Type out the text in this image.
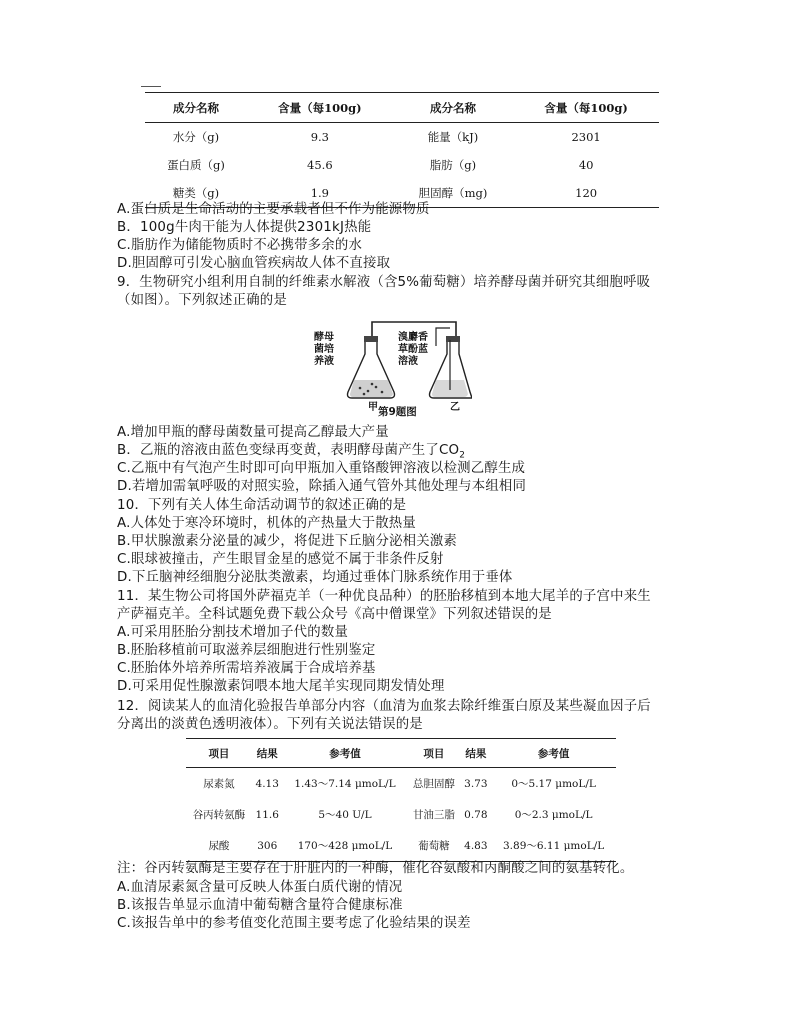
成分名称	含量（每100g)	成分名称	含量（每100g)
水分（g)	9.3	能量（kJ)	2301
蛋白质（g)	45.6	脂肪（g)	40
糖类（g)	1.9	胆固醇（mg)	120
A.蛋白质是生命活动的主要承载者但不作为能源物质
B．100g牛肉干能为人体提供2301kJ热能
C.脂肪作为储能物质时不必携带多余的水
D.胆固醇可引发心脑血管疾病故人体不直接取
9．生物研究小组利用自制的纤维素水解液（含5%葡萄糖）培养酵母菌并研究其细胞呼吸
（如图）。下列叙述正确的是
酵母菌培养液
溴麝香草酚蓝溶液
甲	乙
第9题图
A.增加甲瓶的酵母菌数量可提高乙醇最大产量
B．乙瓶的溶液由蓝色变绿再变黄，表明酵母菌产生了$CO_2$
C.乙瓶中有气泡产生时即可向甲瓶加入重铬酸钾溶液以检测乙醇生成
D.若增加需氧呼吸的对照实验，除插入通气管外其他处理与本组相同
10．下列有关人体生命活动调节的叙述正确的是
A.人体处于寒冷环境时，机体的产热量大于散热量
B.甲状腺激素分泌量的减少，将促进下丘脑分泌相关激素
C.眼球被撞击，产生眼冒金星的感觉不属于非条件反射
D.下丘脑神经细胞分泌肽类激素，均通过垂体门脉系统作用于垂体
11．某生物公司将国外萨福克羊（一种优良品种）的胚胎移植到本地大尾羊的子宫中来生
产萨福克羊。全科试题免费下载公众号《高中僧课堂》下列叙述错误的是
A.可采用胚胎分割技术增加子代的数量
B.胚胎移植前可取滋养层细胞进行性别鉴定
C.胚胎体外培养所需培养液属于合成培养基
D.可采用促性腺激素饲喂本地大尾羊实现同期发情处理
12．阅读某人的血清化验报告单部分内容（血清为血浆去除纤维蛋白原及某些凝血因子后
分离出的淡黄色透明液体）。下列有关说法错误的是
项目	结果	参考值	项目	结果	参考值
尿素氮	4.13	1.43～7.14 μmoL/L	总胆固醇	3.73	0～5.17 μmoL/L
谷丙转氨酶	11.6	5～40 U/L	甘油三脂	0.78	0～2.3 μmoL/L
尿酸	306	170～428 μmoL/L	葡萄糖	4.83	3.89～6.11 μmoL/L
注：谷丙转氨酶是主要存在于肝脏内的一种酶，催化谷氨酸和丙酮酸之间的氨基转化。
A.血清尿素氮含量可反映人体蛋白质代谢的情况
B.该报告单显示血清中葡萄糖含量符合健康标准
C.该报告单中的参考值变化范围主要考虑了化验结果的误差
